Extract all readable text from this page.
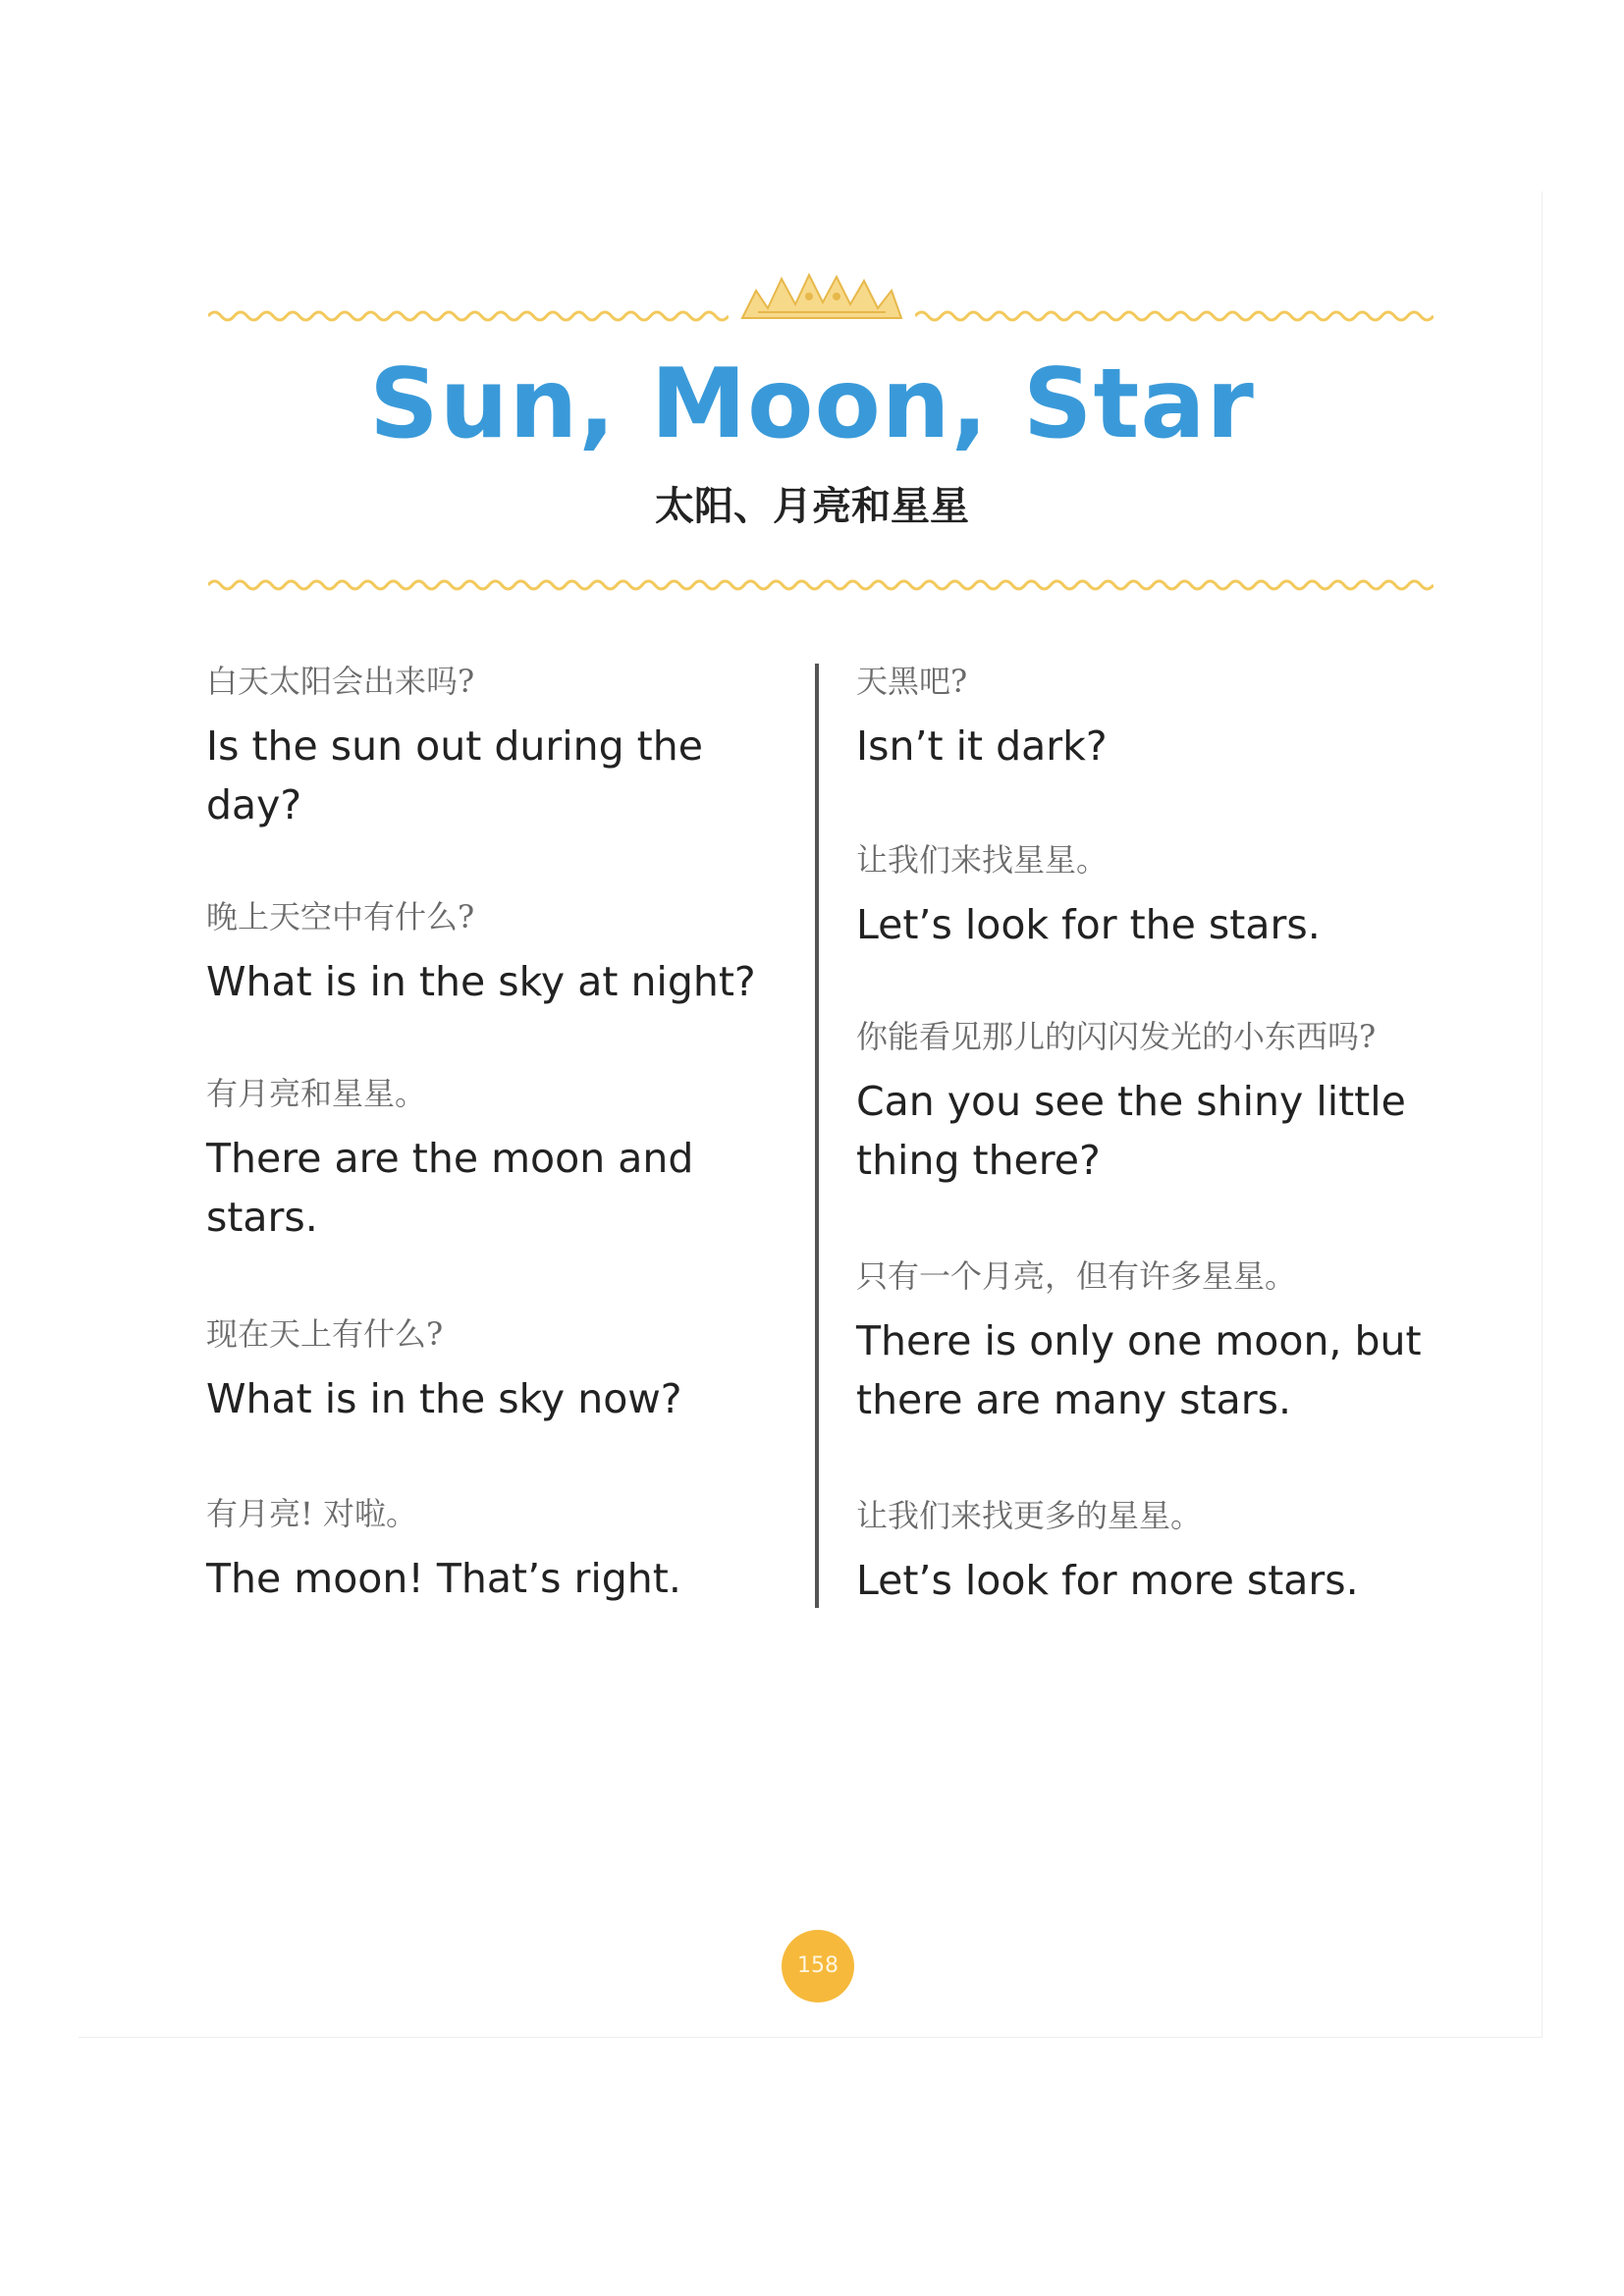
Sun, Moon, Star
太阳、月亮和星星

白天太阳会出来吗?

Is the sun out during the day?

晚上天空中有什么?

What is in the sky at night?

有月亮和星星。

There are the moon and stars.

现在天上有什么?

What is in the sky now?

有月亮! 对啦。

The moon! That’s right.

天黑吧?

Isn’t it dark?

让我们来找星星。

Let’s look for the stars.

你能看见那儿的闪闪发光的小东西吗?

Can you see the shiny little thing there?

只有一个月亮，但有许多星星。

There is only one moon, but there are many stars.

让我们来找更多的星星。

Let’s look for more stars.

158
